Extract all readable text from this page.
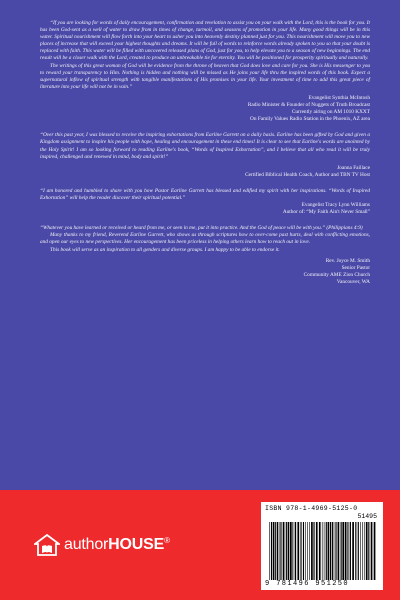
“If you are looking for words of daily encouragement, confirmation and revelation to assist you on your walk with the Lord, this is the book for you. It has been God-sent as a well of water to draw from in times of change, turmoil, and seasons of promotion in your life. Many good things will be in this water. Spiritual nourishment will flow forth into your heart to usher you into heavenly destiny planned just for you. This nourishment will move you to new places of increase that will exceed your highest thoughts and dreams. It will be full of words to reinforce words already spoken to you so that your doubt is replaced with faith. This water will be filled with uncovered released plans of God, just for you, to help elevate you to a season of new beginnings. The end result will be a closer walk with the Lord, created to produce an unbreakable tie for eternity. You will be positioned for prosperity spiritually and naturally.

The writings of this great woman of God will be evidence from the throne of heaven that God does love and care for you. She is His messenger to you to reward your transparency to Him. Nothing is hidden and nothing will be missed as He joins your life thru the inspired words of this book. Expect a supernatural inflow of spiritual strength with tangible manifestations of His promises in your life. Your investment of time to add this great piece of literature into your life will not be in vain.”

Evangelist Synthia McIntosh
Radio Minister & Founder of Nuggets of Truth Broadcast
Currently airing on AM 1010 KXXT
On Family Values Radio Station in the Phoenix, AZ area

“Over this past year, I was blessed to receive the inspiring exhortations from Earline Garrett on a daily basis. Earline has been gifted by God and given a Kingdom assignment to inspire his people with hope, healing and encouragement in these end times! It is clear to see that Earline's words are anointed by the Holy Spirit! I am so looking forward to reading Earline's book, “Words of Inspired Exhortation”, and I believe that all who read it will be truly inspired, challenged and renewed in mind, body and spirit!”

Joanna Faillace
Certified Biblical Health Coach, Author and TBN TV Host

“I am honored and humbled to share with you how Pastor Earline Garrett has blessed and edified my spirit with her inspirations. “Words of Inspired Exhortation” will help the reader discover their spiritual potential.”

Evangelist Tracy Lynn Williams
Author of: “My Faith Ain't Never Small”

“Whatever you have learned or received or heard from me, or seen in me, put it into practice. And the God of peace will be with you.” (Philippians 4:9)

Many thanks to my friend, Reverend Earline Garrett, who shows us through scriptures how to over-come past hurts, deal with conflicting emotions, and open our eyes to new perspectives. Her encouragement has been priceless in helping others learn how to reach out in love.

This book will serve as an inspiration to all genders and diverse groups. I am happy to be able to endorse it.

Rev. Joyce M. Smith
Senior Pastor
Community AME Zion Church
Vancouver, WA
authorHOUSE®
ISBN 978-1-4969-5125-0
51495
9 781496 951250
